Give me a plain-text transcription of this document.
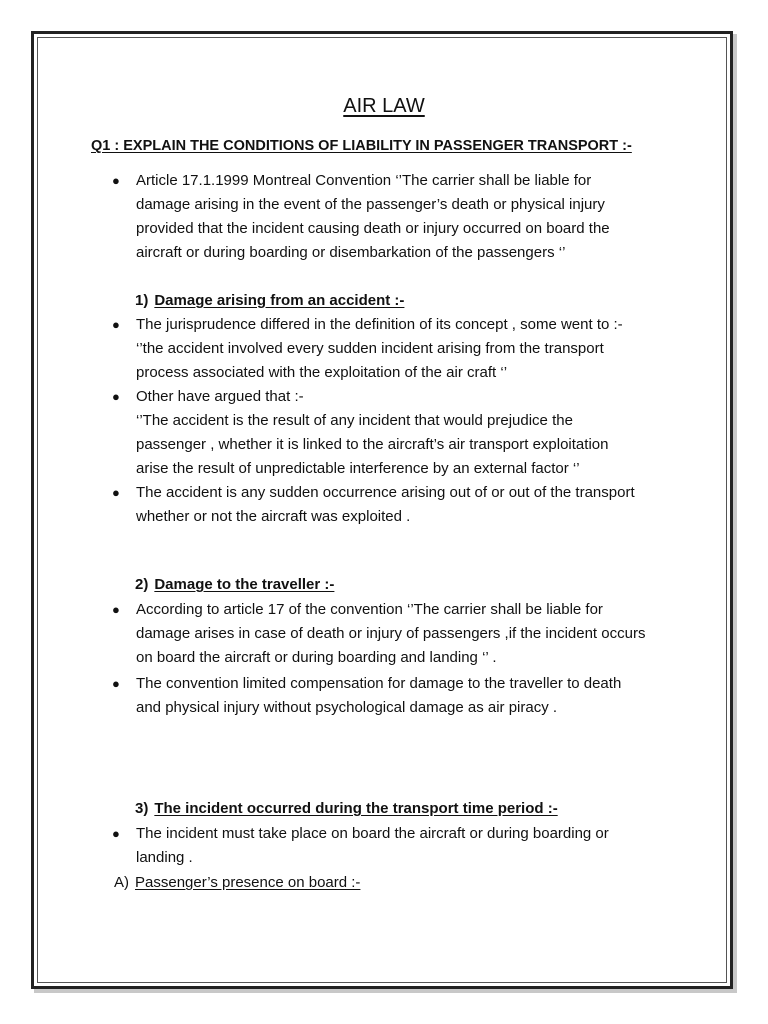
AIR LAW
Q1 : EXPLAIN THE CONDITIONS OF LIABILITY IN PASSENGER TRANSPORT :-
● Article 17.1.1999 Montreal Convention ‘’The carrier shall be liable for
damage arising in the event of the passenger’s death or physical injury
provided that the incident causing death or injury occurred on board the
aircraft or during boarding or disembarkation of the passengers ‘’
1) Damage arising from an accident :-
● The jurisprudence differed in the definition of its concept , some went to :-
‘’the accident involved every sudden incident arising from the transport
process associated with the exploitation of the air craft ‘’
● Other have argued that :-
‘’The accident is the result of any incident that would prejudice the
passenger , whether it is linked to the aircraft’s air transport exploitation
arise the result of unpredictable interference by an external factor ‘’
● The accident is any sudden occurrence arising out of or out of the transport
whether or not the aircraft was exploited .
2) Damage to the traveller :-
● According to article 17 of the convention ‘’The carrier shall be liable for
damage arises in case of death or injury of passengers ,if the incident occurs
on board the aircraft or during boarding and landing ‘’ .
● The convention limited compensation for damage to the traveller to death
and physical injury without psychological damage as air piracy .
3) The incident occurred during the transport time period :-
● The incident must take place on board the aircraft or during boarding or
landing .
A) Passenger’s presence on board :-
